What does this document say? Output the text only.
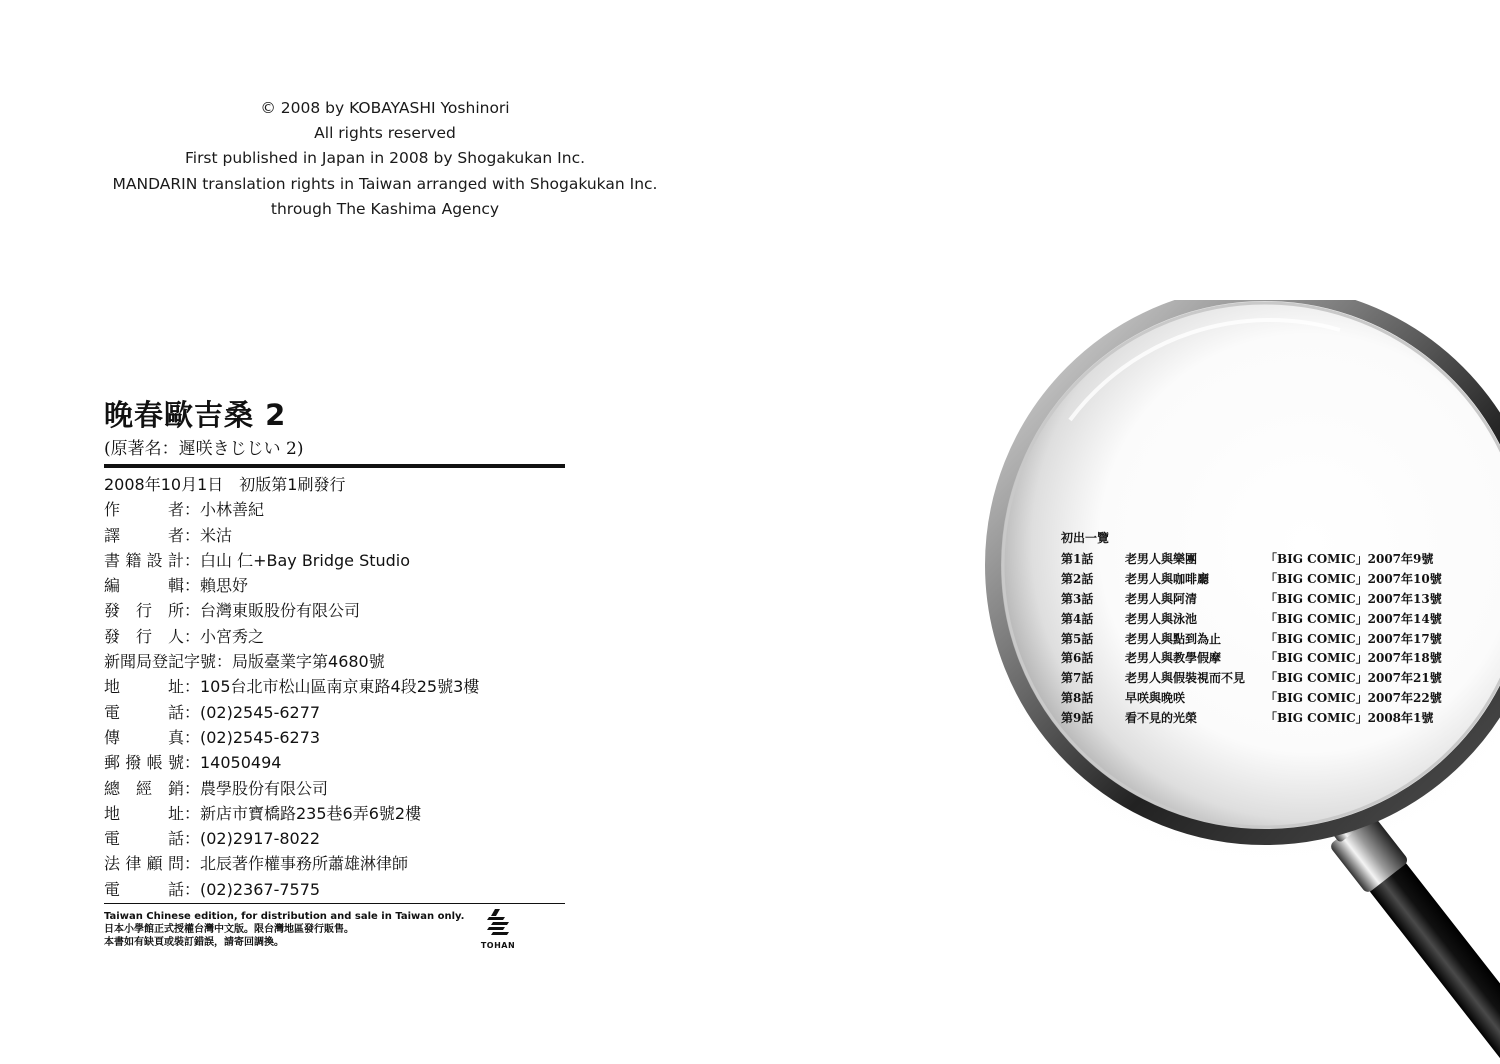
© 2008 by KOBAYASHI Yoshinori
All rights reserved
First published in Japan in 2008 by Shogakukan Inc.
MANDARIN translation rights in Taiwan arranged with Shogakukan Inc.
through The Kashima Agency
晚春歐吉桑 2
(原著名：遲咲きじじい 2)
2008年10月1日　初版第1刷發行
作　者：小林善紀
譯　者：米沽
書籍設計：白山 仁+Bay Bridge Studio
編　輯：賴思妤
發行所：台灣東販股份有限公司
發行人：小宮秀之
新聞局登記字號：局版臺業字第4680號
地　址：105台北市松山區南京東路4段25號3樓
電　話：(02)2545-6277
傳　真：(02)2545-6273
郵撥帳號：14050494
總經銷：農學股份有限公司
地　址：新店市寶橋路235巷6弄6號2樓
電　話：(02)2917-8022
法律顧問：北辰著作權事務所蕭雄淋律師
電　話：(02)2367-7575
Taiwan Chinese edition, for distribution and sale in Taiwan only.
日本小學館正式授權台灣中文版。限台灣地區發行販售。
本書如有缺頁或裝訂錯誤，請寄回調換。	TOHAN
初出一覽
第1話	老男人與樂團	「BIG COMIC」2007年9號
第2話	老男人與咖啡廳	「BIG COMIC」2007年10號
第3話	老男人與阿清	「BIG COMIC」2007年13號
第4話	老男人與泳池	「BIG COMIC」2007年14號
第5話	老男人與點到為止	「BIG COMIC」2007年17號
第6話	老男人與教學假摩	「BIG COMIC」2007年18號
第7話	老男人與假裝視而不見 「BIG COMIC」2007年21號
第8話	早咲與晚咲	「BIG COMIC」2007年22號
第9話	看不見的光榮	「BIG COMIC」2008年1號
